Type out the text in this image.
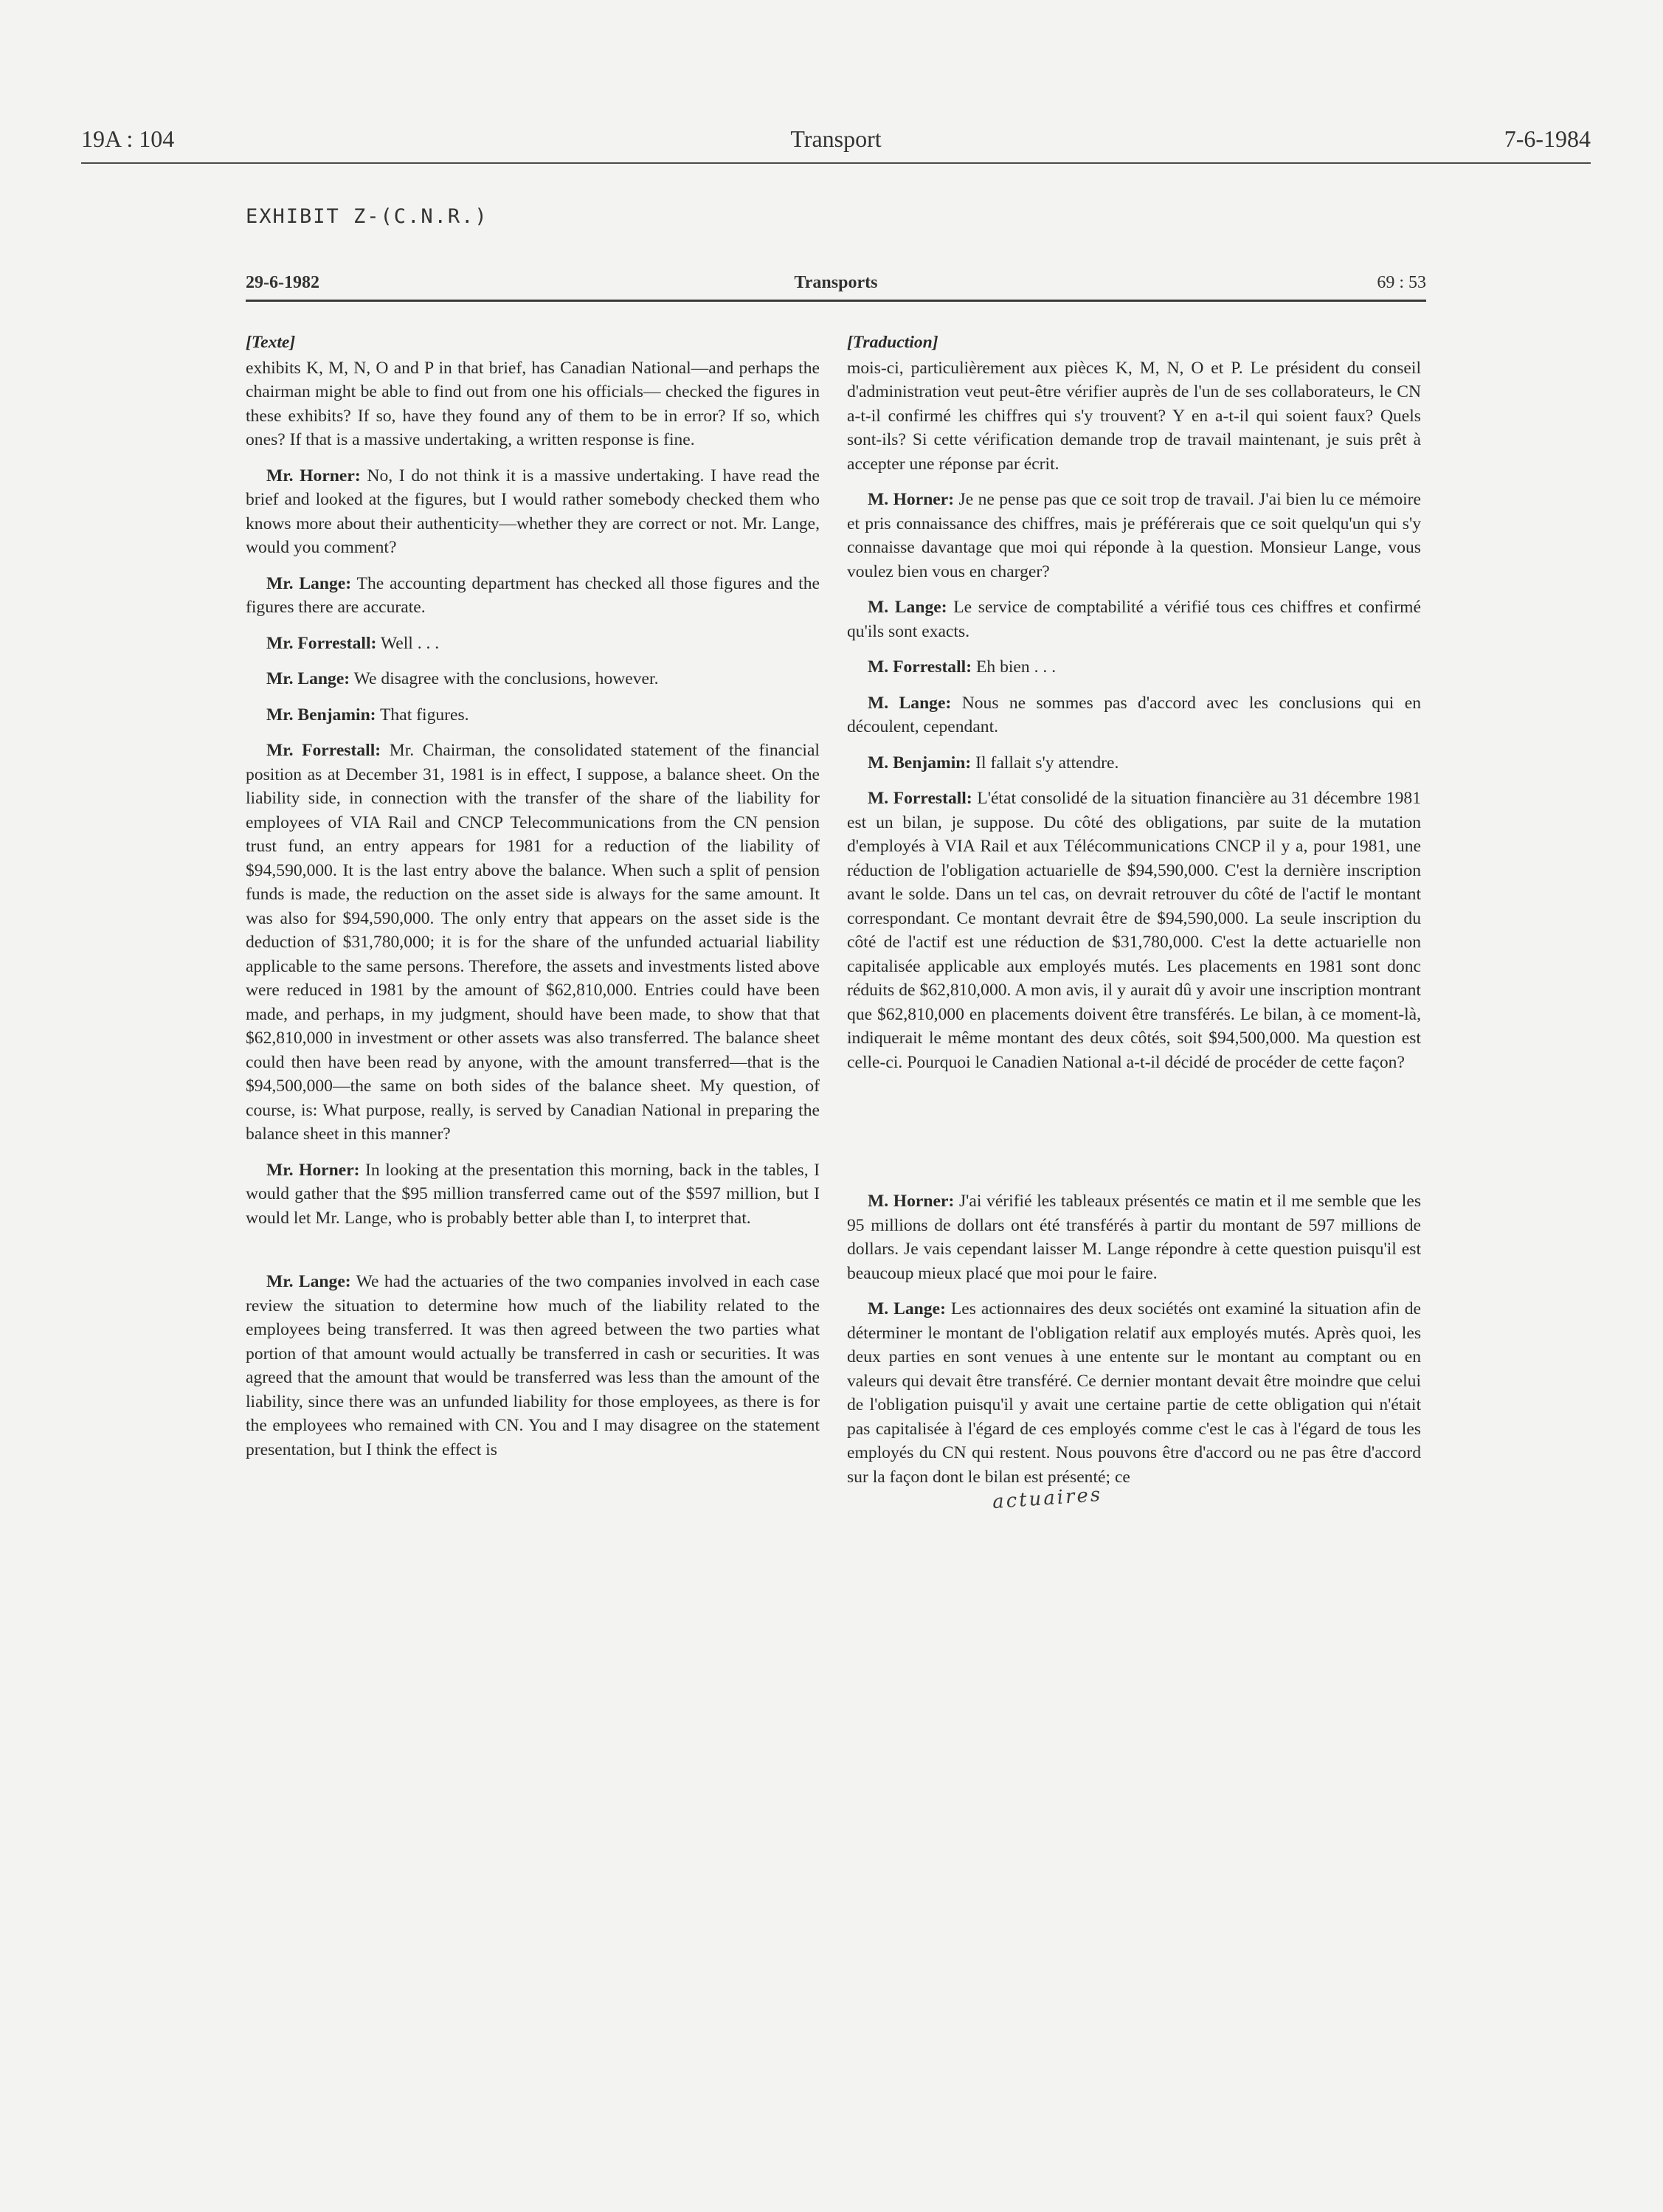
19A : 104	Transport	7-6-1984
EXHIBIT Z-(C.N.R.)
29-6-1982	Transports	69 : 53
[Texte]

exhibits K, M, N, O and P in that brief, has Canadian National—and perhaps the chairman might be able to find out from one his officials— checked the figures in these exhibits? If so, have they found any of them to be in error? If so, which ones? If that is a massive undertaking, a written response is fine.

Mr. Horner: No, I do not think it is a massive undertaking. I have read the brief and looked at the figures, but I would rather somebody checked them who knows more about their authenticity—whether they are correct or not. Mr. Lange, would you comment?

Mr. Lange: The accounting department has checked all those figures and the figures there are accurate.

Mr. Forrestall: Well . . .

Mr. Lange: We disagree with the conclusions, however.

Mr. Benjamin: That figures.

Mr. Forrestall: Mr. Chairman, the consolidated statement of the financial position as at December 31, 1981 is in effect, I suppose, a balance sheet. On the liability side, in connection with the transfer of the share of the liability for employees of VIA Rail and CNCP Telecommunications from the CN pension trust fund, an entry appears for 1981 for a reduction of the liability of $94,590,000. It is the last entry above the balance. When such a split of pension funds is made, the reduction on the asset side is always for the same amount. It was also for $94,590,000. The only entry that appears on the asset side is the deduction of $31,780,000; it is for the share of the unfunded actuarial liability applicable to the same persons. Therefore, the assets and investments listed above were reduced in 1981 by the amount of $62,810,000. Entries could have been made, and perhaps, in my judgment, should have been made, to show that that $62,810,000 in investment or other assets was also transferred. The balance sheet could then have been read by anyone, with the amount transferred—that is the $94,500,000—the same on both sides of the balance sheet. My question, of course, is: What purpose, really, is served by Canadian National in preparing the balance sheet in this manner?

Mr. Horner: In looking at the presentation this morning, back in the tables, I would gather that the $95 million transferred came out of the $597 million, but I would let Mr. Lange, who is probably better able than I, to interpret that.

Mr. Lange: We had the actuaries of the two companies involved in each case review the situation to determine how much of the liability related to the employees being transferred. It was then agreed between the two parties what portion of that amount would actually be transferred in cash or securities. It was agreed that the amount that would be transferred was less than the amount of the liability, since there was an unfunded liability for those employees, as there is for the employees who remained with CN. You and I may disagree on the statement presentation, but I think the effect is

[Traduction]

mois-ci, particulièrement aux pièces K, M, N, O et P. Le président du conseil d'administration veut peut-être vérifier auprès de l'un de ses collaborateurs, le CN a-t-il confirmé les chiffres qui s'y trouvent? Y en a-t-il qui soient faux? Quels sont-ils? Si cette vérification demande trop de travail maintenant, je suis prêt à accepter une réponse par écrit.

M. Horner: Je ne pense pas que ce soit trop de travail. J'ai bien lu ce mémoire et pris connaissance des chiffres, mais je préférerais que ce soit quelqu'un qui s'y connaisse davantage que moi qui réponde à la question. Monsieur Lange, vous voulez bien vous en charger?

M. Lange: Le service de comptabilité a vérifié tous ces chiffres et confirmé qu'ils sont exacts.

M. Forrestall: Eh bien . . .

M. Lange: Nous ne sommes pas d'accord avec les conclusions qui en découlent, cependant.

M. Benjamin: Il fallait s'y attendre.

M. Forrestall: L'état consolidé de la situation financière au 31 décembre 1981 est un bilan, je suppose. Du côté des obligations, par suite de la mutation d'employés à VIA Rail et aux Télécommunications CNCP il y a, pour 1981, une réduction de l'obligation actuarielle de $94,590,000. C'est la dernière inscription avant le solde. Dans un tel cas, on devrait retrouver du côté de l'actif le montant correspondant. Ce montant devrait être de $94,590,000. La seule inscription du côté de l'actif est une réduction de $31,780,000. C'est la dette actuarielle non capitalisée applicable aux employés mutés. Les placements en 1981 sont donc réduits de $62,810,000. A mon avis, il y aurait dû y avoir une inscription montrant que $62,810,000 en placements doivent être transférés. Le bilan, à ce moment-là, indiquerait le même montant des deux côtés, soit $94,500,000. Ma question est celle-ci. Pourquoi le Canadien National a-t-il décidé de procéder de cette façon?

M. Horner: J'ai vérifié les tableaux présentés ce matin et il me semble que les 95 millions de dollars ont été transférés à partir du montant de 597 millions de dollars. Je vais cependant laisser M. Lange répondre à cette question puisqu'il est beaucoup mieux placé que moi pour le faire.

M. Lange: Les actionnaires des deux sociétés ont examiné la situation afin de déterminer le montant de l'obligation relatif aux employés mutés. Après quoi, les deux parties en sont venues à une entente sur le montant au comptant ou en valeurs qui devait être transféré. Ce dernier montant devait être moindre que celui de l'obligation puisqu'il y avait une certaine partie de cette obligation qui n'était pas capitalisée à l'égard de ces employés comme c'est le cas à l'égard de tous les employés du CN qui restent. Nous pouvons être d'accord ou ne pas être d'accord sur la façon dont le bilan est présenté; ce

actuaires
